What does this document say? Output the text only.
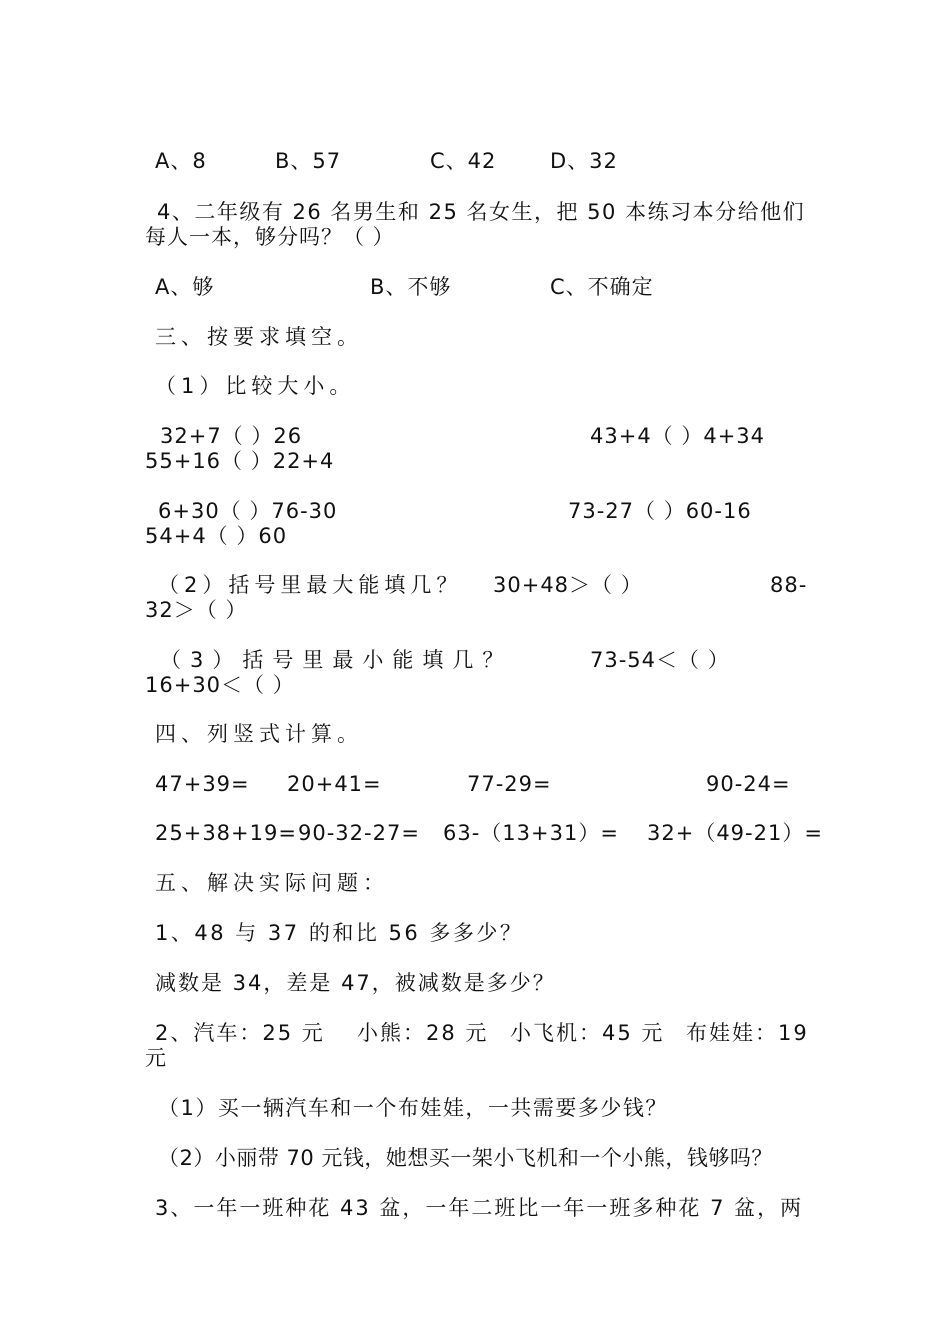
A、8	B、57	C、42	D、32
4、二年级有 26 名男生和 25 名女生，把 50 本练习本分给他们
每人一本，够分吗？（ ）
A、够	B、不够	C、不确定
三、按要求填空。
（1）比较大小。
32+7（ ）26	43+4（ ）4+34
55+16（ ）22+4
6+30（ ）76-30	73-27（ ）60-16
54+4（ ）60
（2）括号里最大能填几？ 30+48＞（ ）	88-
32＞（ ）
（3）括号里最小能填几？	73-54＜（ ）
16+30＜（ ）
四、列竖式计算。
47+39= 20+41=	77-29=	90-24=
25+38+19= 90-32-27= 63-（13+31）= 32+（49-21）=
五、解决实际问题：
1、48 与 37 的和比 56 多多少？
减数是 34，差是 47，被减数是多少？
2、汽车：25 元 小熊：28 元 小飞机：45 元 布娃娃：19
元
（1）买一辆汽车和一个布娃娃，一共需要多少钱？
（2）小丽带 70 元钱，她想买一架小飞机和一个小熊，钱够吗？
3、一年一班种花 43 盆，一年二班比一年一班多种花 7 盆，两
